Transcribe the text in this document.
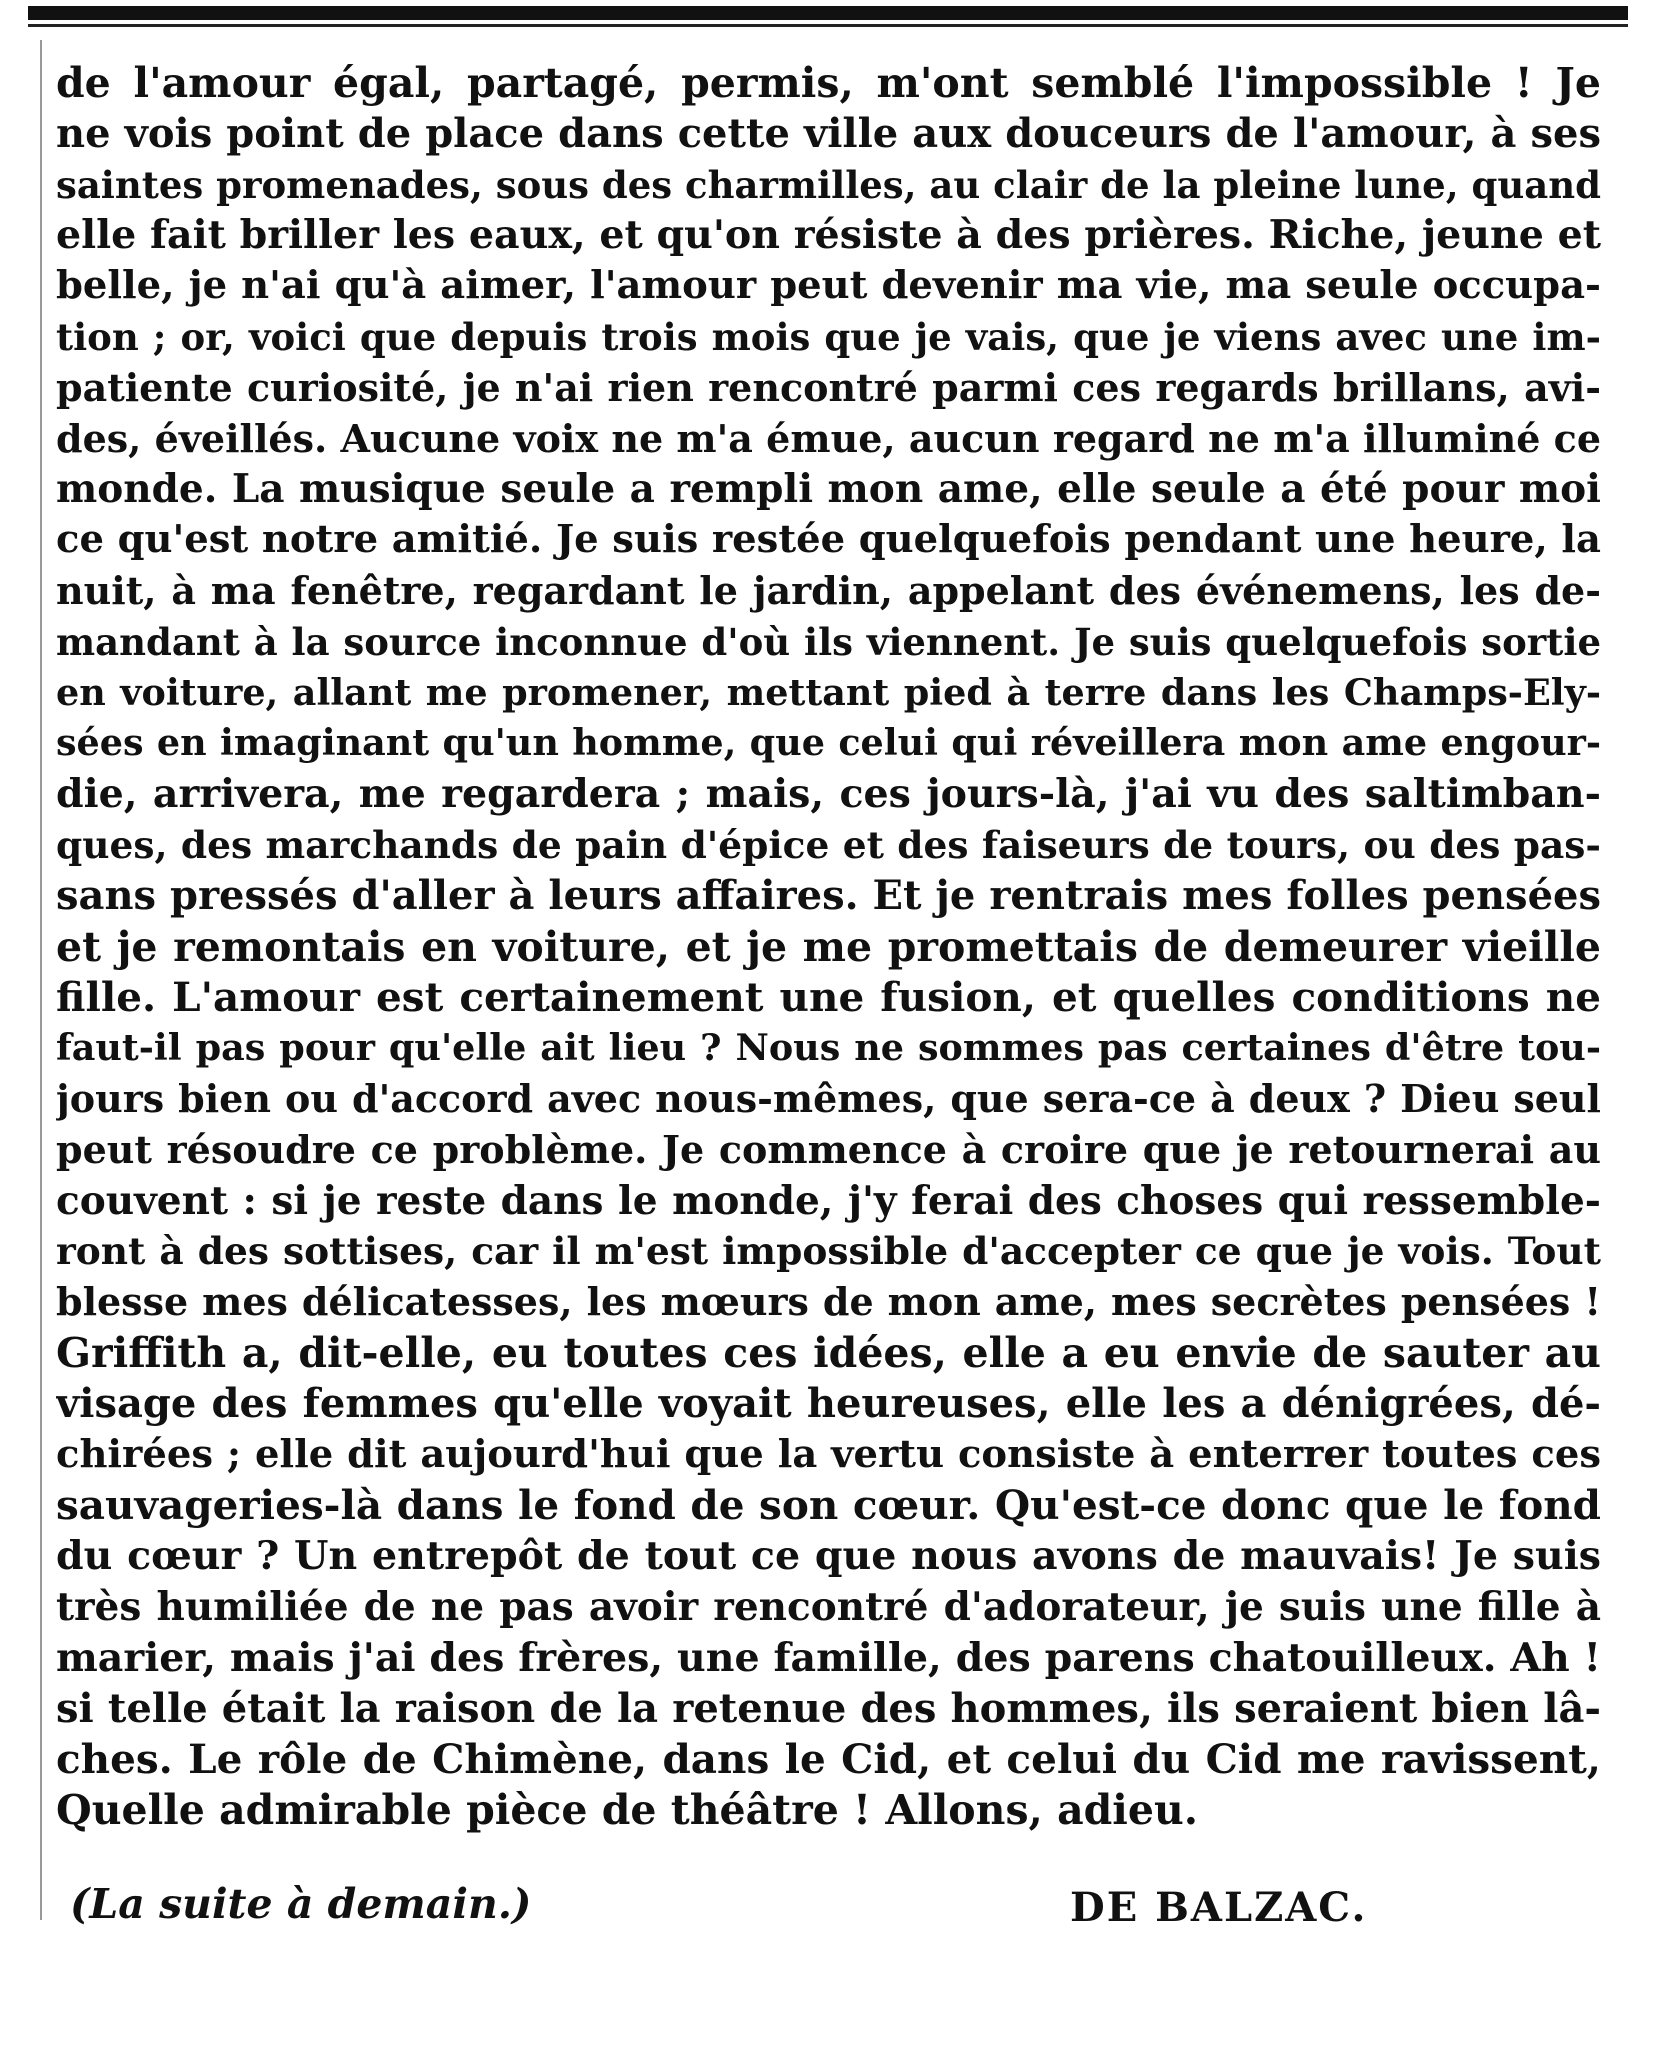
de l'amour égal, partagé, permis, m'ont semblé l'impossible ! Je
ne vois point de place dans cette ville aux douceurs de l'amour, à ses
saintes promenades, sous des charmilles, au clair de la pleine lune, quand
elle fait briller les eaux, et qu'on résiste à des prières. Riche, jeune et
belle, je n'ai qu'à aimer, l'amour peut devenir ma vie, ma seule occupa-
tion ; or, voici que depuis trois mois que je vais, que je viens avec une im-
patiente curiosité, je n'ai rien rencontré parmi ces regards brillans, avi-
des, éveillés. Aucune voix ne m'a émue, aucun regard ne m'a illuminé ce
monde. La musique seule a rempli mon ame, elle seule a été pour moi
ce qu'est notre amitié. Je suis restée quelquefois pendant une heure, la
nuit, à ma fenêtre, regardant le jardin, appelant des événemens, les de-
mandant à la source inconnue d'où ils viennent. Je suis quelquefois sortie
en voiture, allant me promener, mettant pied à terre dans les Champs-Ely-
sées en imaginant qu'un homme, que celui qui réveillera mon ame engour-
die, arrivera, me regardera ; mais, ces jours-là, j'ai vu des saltimban-
ques, des marchands de pain d'épice et des faiseurs de tours, ou des pas-
sans pressés d'aller à leurs affaires. Et je rentrais mes folles pensées
et je remontais en voiture, et je me promettais de demeurer vieille
fille. L'amour est certainement une fusion, et quelles conditions ne
faut-il pas pour qu'elle ait lieu ? Nous ne sommes pas certaines d'être tou-
jours bien ou d'accord avec nous-mêmes, que sera-ce à deux ? Dieu seul
peut résoudre ce problème. Je commence à croire que je retournerai au
couvent : si je reste dans le monde, j'y ferai des choses qui ressemble-
ront à des sottises, car il m'est impossible d'accepter ce que je vois. Tout
blesse mes délicatesses, les mœurs de mon ame, mes secrètes pensées !
Griffith a, dit-elle, eu toutes ces idées, elle a eu envie de sauter au
visage des femmes qu'elle voyait heureuses, elle les a dénigrées, dé-
chirées ; elle dit aujourd'hui que la vertu consiste à enterrer toutes ces
sauvageries-là dans le fond de son cœur. Qu'est-ce donc que le fond
du cœur ? Un entrepôt de tout ce que nous avons de mauvais! Je suis
très humiliée de ne pas avoir rencontré d'adorateur, je suis une fille à
marier, mais j'ai des frères, une famille, des parens chatouilleux. Ah !
si telle était la raison de la retenue des hommes, ils seraient bien lâ-
ches. Le rôle de Chimène, dans le Cid, et celui du Cid me ravissent,
Quelle admirable pièce de théâtre ! Allons, adieu.
(La suite à demain.)	DE BALZAC.
